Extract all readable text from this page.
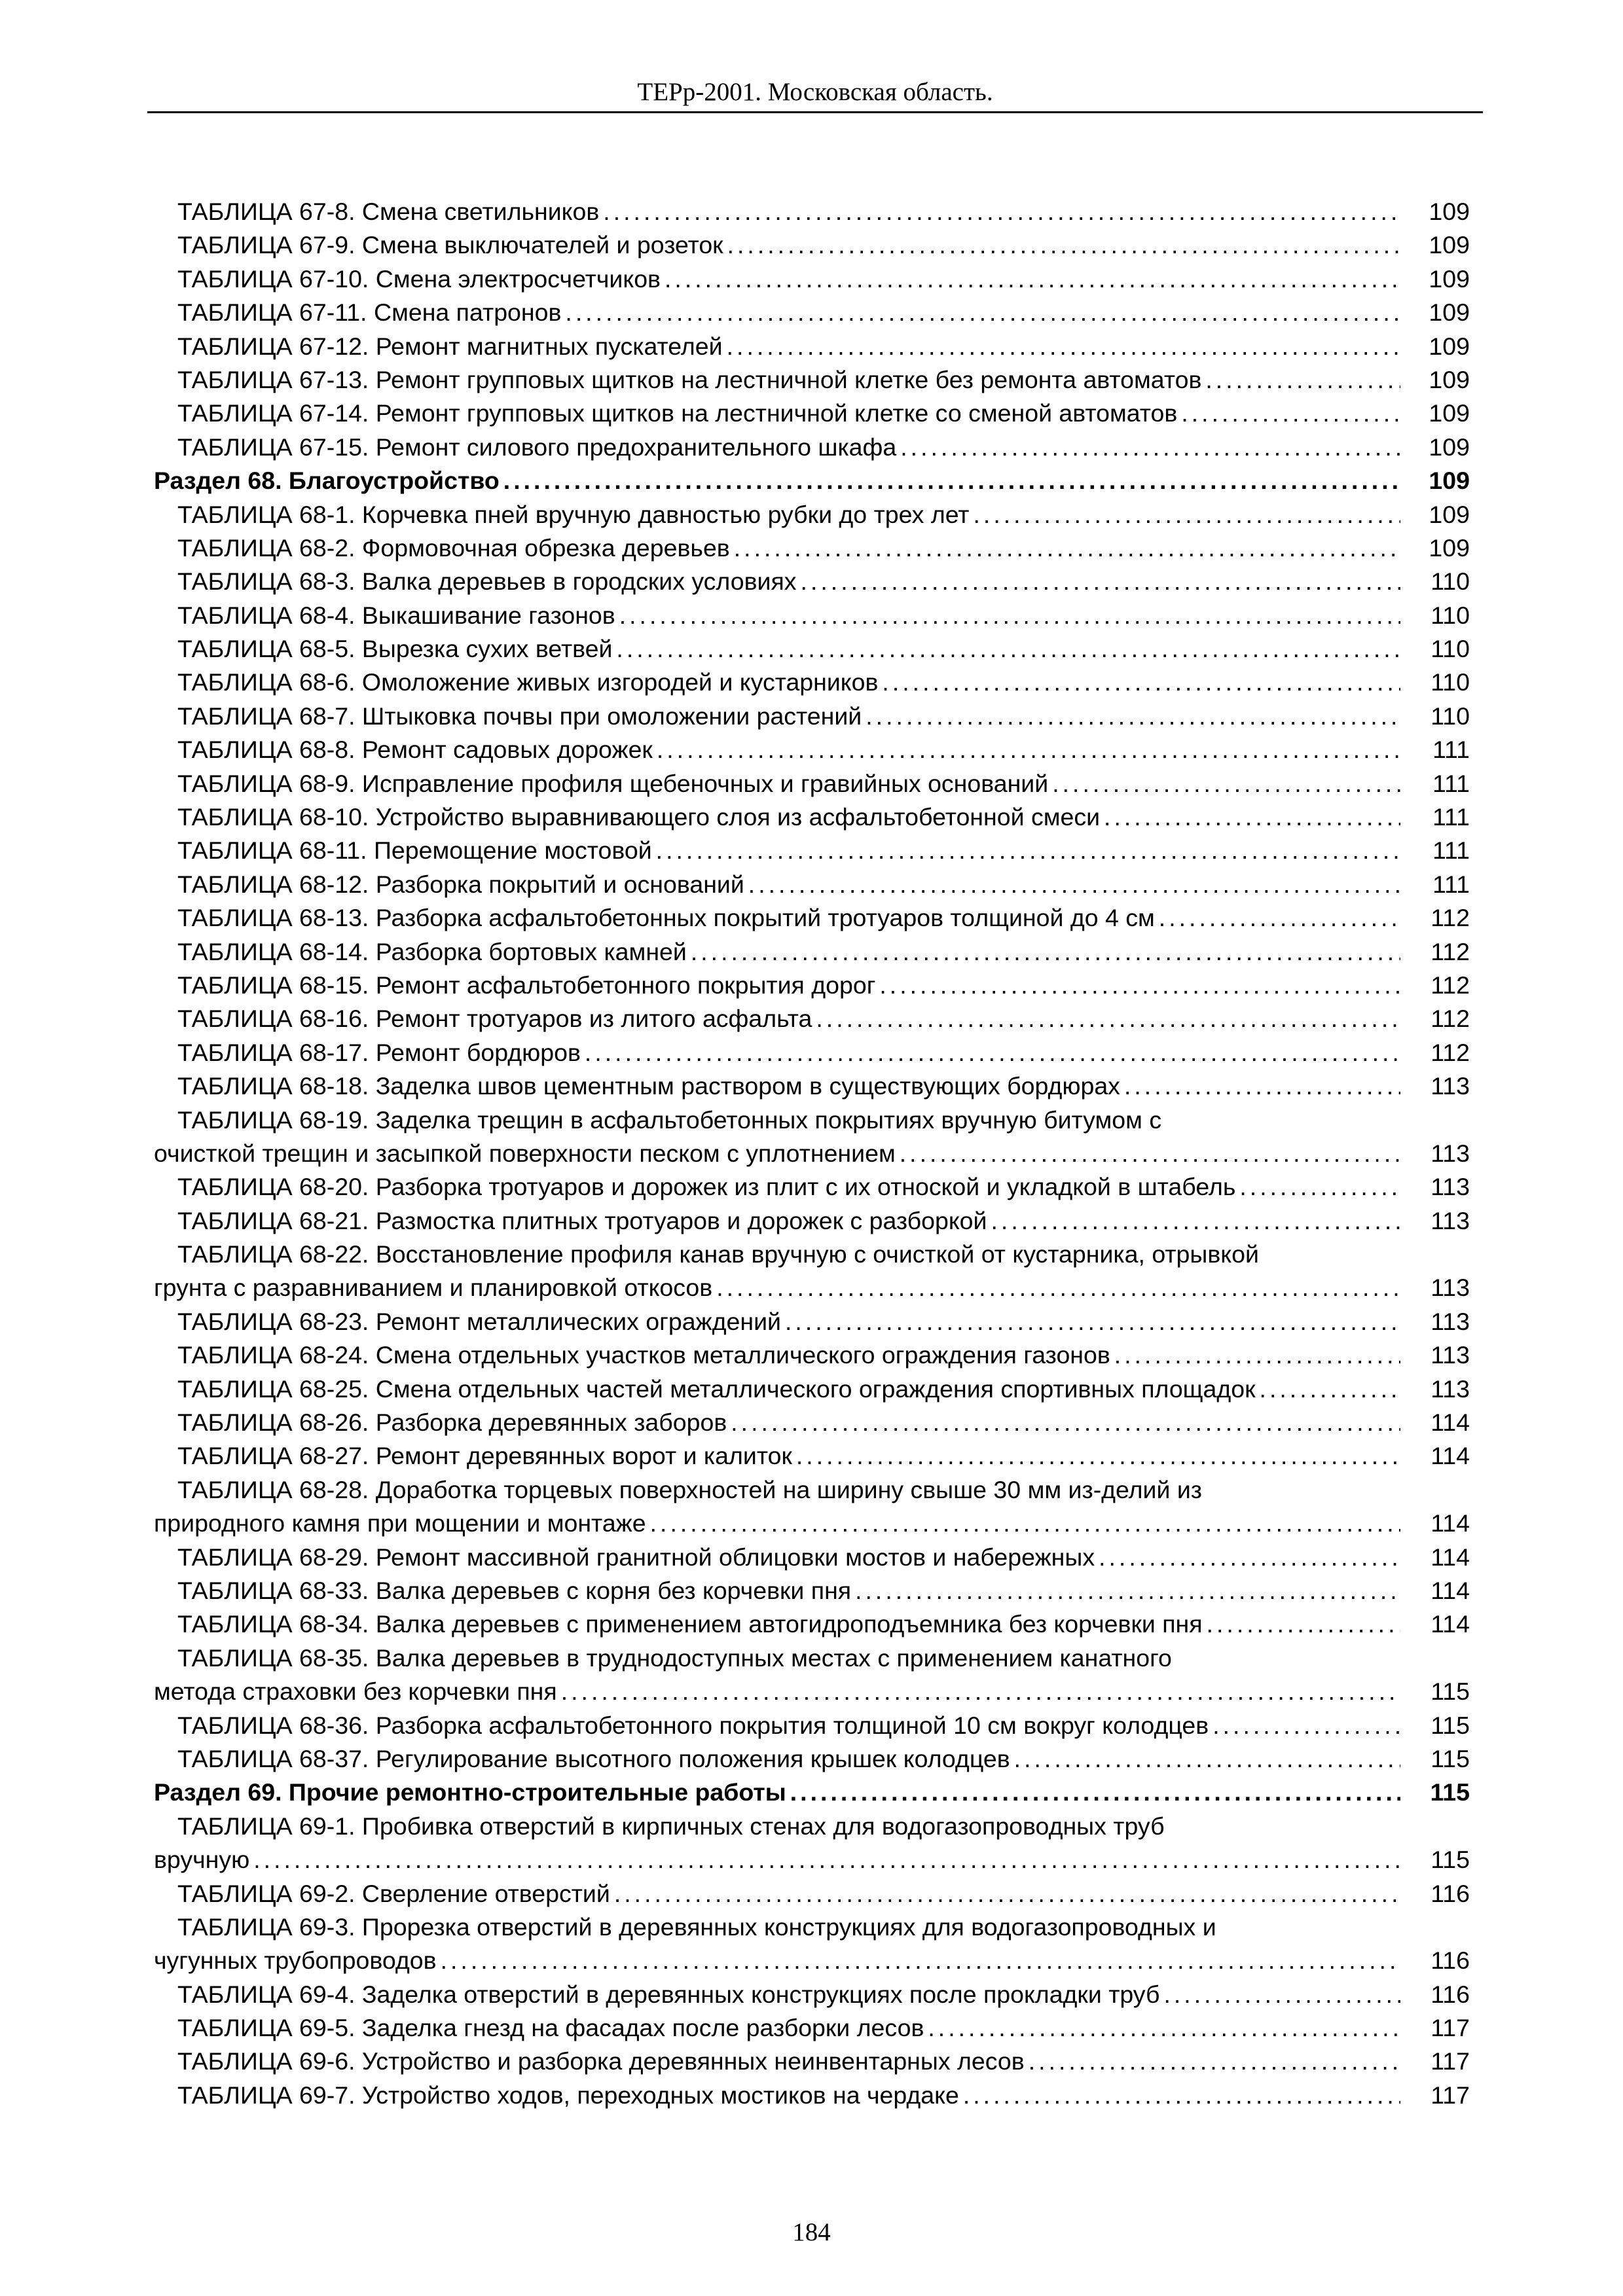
ТЕРр-2001. Московская область.
ТАБЛИЦА 67-8. Смена светильников .....	109
ТАБЛИЦА 67-9. Смена выключателей и розеток .....	109
ТАБЛИЦА 67-10. Смена электросчетчиков .....	109
ТАБЛИЦА 67-11. Смена патронов .....	109
ТАБЛИЦА 67-12. Ремонт магнитных пускателей .....	109
ТАБЛИЦА 67-13. Ремонт групповых щитков на лестничной клетке без ремонта автоматов .....	109
ТАБЛИЦА 67-14. Ремонт групповых щитков на лестничной клетке со сменой автоматов .....	109
ТАБЛИЦА 67-15. Ремонт силового предохранительного шкафа .....	109
Раздел 68. Благоустройство .....	109
ТАБЛИЦА 68-1. Корчевка пней вручную давностью рубки до трех лет .....	109
ТАБЛИЦА 68-2. Формовочная обрезка деревьев .....	109
ТАБЛИЦА 68-3. Валка деревьев в городских условиях .....	110
ТАБЛИЦА 68-4. Выкашивание газонов .....	110
ТАБЛИЦА 68-5. Вырезка сухих ветвей .....	110
ТАБЛИЦА 68-6. Омоложение живых изгородей и кустарников .....	110
ТАБЛИЦА 68-7. Штыковка почвы при омоложении растений .....	110
ТАБЛИЦА 68-8. Ремонт садовых дорожек .....	111
ТАБЛИЦА 68-9. Исправление профиля щебеночных и гравийных оснований .....	111
ТАБЛИЦА 68-10. Устройство выравнивающего слоя из асфальтобетонной смеси .....	111
ТАБЛИЦА 68-11. Перемощение мостовой .....	111
ТАБЛИЦА 68-12. Разборка покрытий и оснований .....	111
ТАБЛИЦА 68-13. Разборка асфальтобетонных покрытий тротуаров толщиной до 4 см .....	112
ТАБЛИЦА 68-14. Разборка бортовых камней .....	112
ТАБЛИЦА 68-15. Ремонт асфальтобетонного покрытия дорог .....	112
ТАБЛИЦА 68-16. Ремонт тротуаров из литого асфальта .....	112
ТАБЛИЦА 68-17. Ремонт бордюров .....	112
ТАБЛИЦА 68-18. Заделка швов цементным раствором в существующих бордюрах .....	113
ТАБЛИЦА 68-19. Заделка трещин в асфальтобетонных покрытиях вручную битумом с
очисткой трещин и засыпкой поверхности песком с уплотнением .....	113
ТАБЛИЦА 68-20. Разборка тротуаров и дорожек из плит с их отноской и укладкой в штабель .....	113
ТАБЛИЦА 68-21. Размостка плитных тротуаров и дорожек с разборкой .....	113
ТАБЛИЦА 68-22. Восстановление профиля канав вручную с очисткой от кустарника, отрывкой
грунта с разравниванием и планировкой откосов .....	113
ТАБЛИЦА 68-23. Ремонт металлических ограждений .....	113
ТАБЛИЦА 68-24. Смена отдельных участков металлического ограждения газонов .....	113
ТАБЛИЦА 68-25. Смена отдельных частей металлического ограждения спортивных площадок .....	113
ТАБЛИЦА 68-26. Разборка деревянных заборов .....	114
ТАБЛИЦА 68-27. Ремонт деревянных ворот и калиток .....	114
ТАБЛИЦА 68-28. Доработка торцевых поверхностей на ширину свыше 30 мм из-делий из
природного камня при мощении и монтаже .....	114
ТАБЛИЦА 68-29. Ремонт массивной гранитной облицовки мостов и набережных .....	114
ТАБЛИЦА 68-33. Валка деревьев с корня без корчевки пня .....	114
ТАБЛИЦА 68-34. Валка деревьев с применением автогидроподъемника без корчевки пня .....	114
ТАБЛИЦА 68-35. Валка деревьев в труднодоступных местах с применением канатного
метода страховки без корчевки пня .....	115
ТАБЛИЦА 68-36. Разборка асфальтобетонного покрытия толщиной 10 см вокруг колодцев .....	115
ТАБЛИЦА 68-37. Регулирование высотного положения крышек колодцев .....	115
Раздел 69. Прочие ремонтно-строительные работы .....	115
ТАБЛИЦА 69-1. Пробивка отверстий в кирпичных стенах для водогазопроводных труб
вручную .....	115
ТАБЛИЦА 69-2. Сверление отверстий .....	116
ТАБЛИЦА 69-3. Прорезка отверстий в деревянных конструкциях для водогазопроводных и
чугунных трубопроводов .....	116
ТАБЛИЦА 69-4. Заделка отверстий в деревянных конструкциях после прокладки труб .....	116
ТАБЛИЦА 69-5. Заделка гнезд на фасадах после разборки лесов .....	117
ТАБЛИЦА 69-6. Устройство и разборка деревянных неинвентарных лесов .....	117
ТАБЛИЦА 69-7. Устройство ходов, переходных мостиков на чердаке .....	117
184
